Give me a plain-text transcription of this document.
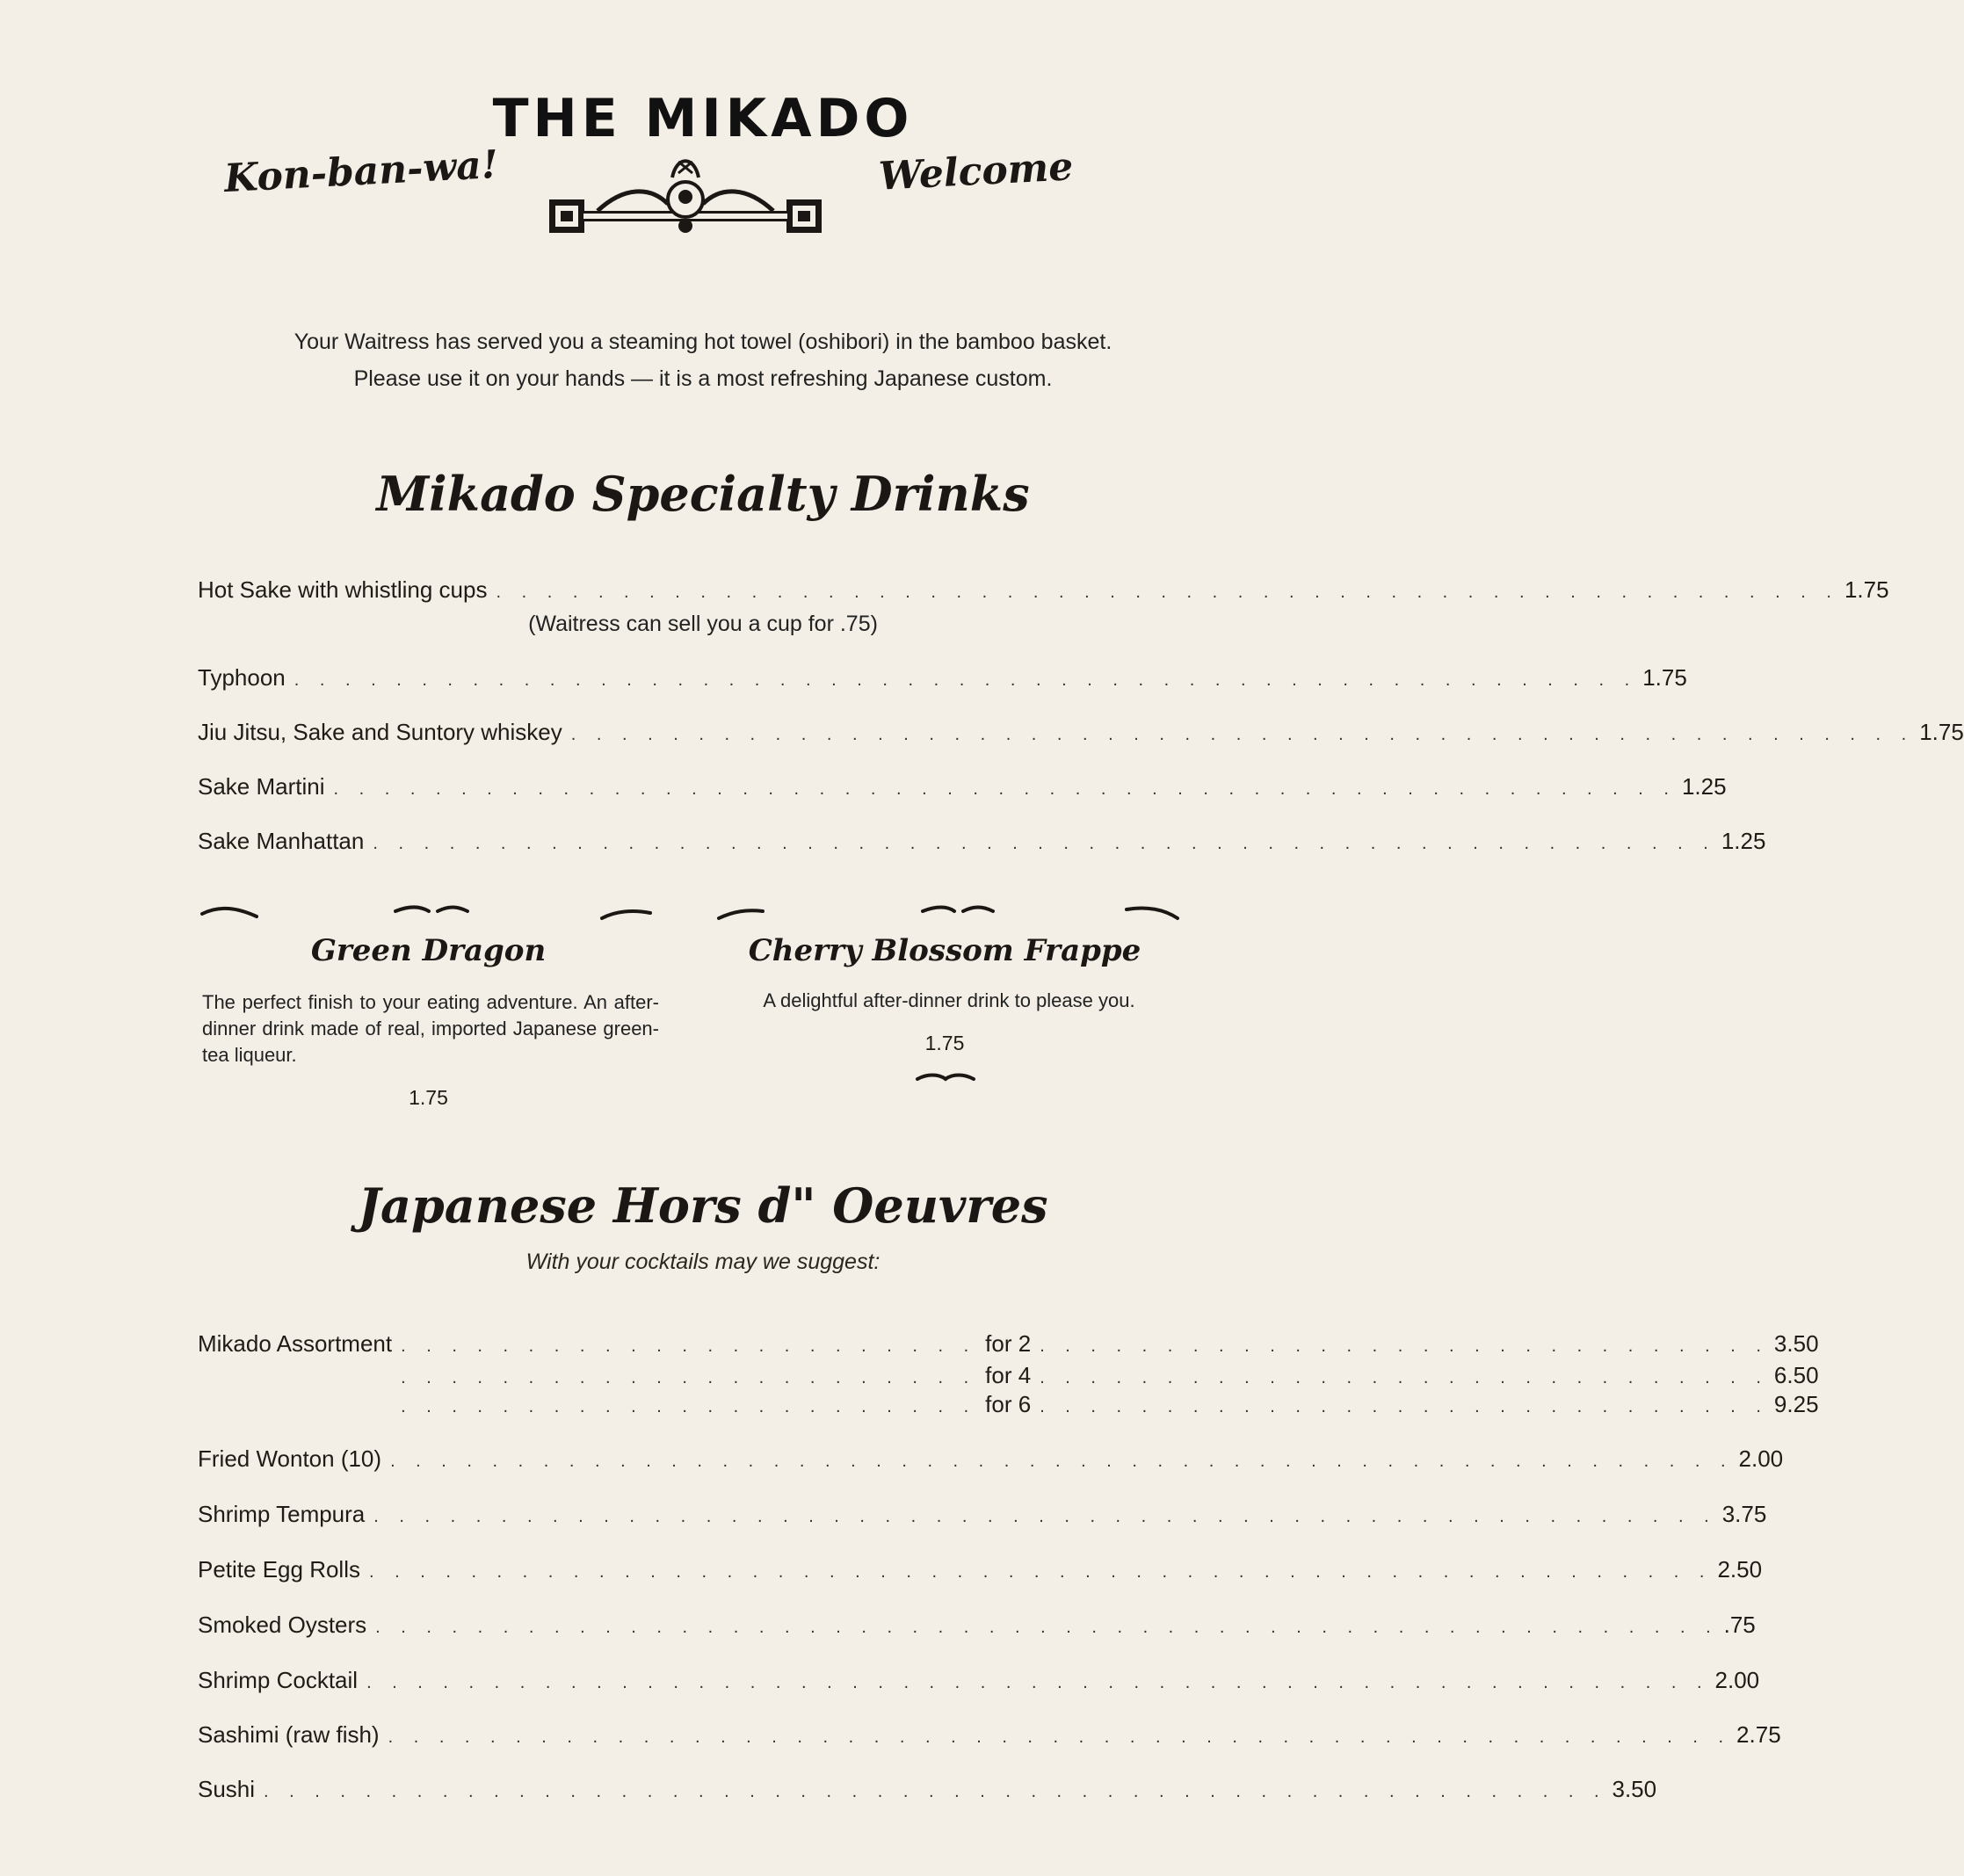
THE MIKADO
Kon-ban-wa!	Welcome
Your Waitress has served you a steaming hot towel (oshibori) in the bamboo basket.
Please use it on your hands — it is a most refreshing Japanese custom.
Mikado Specialty Drinks
Hot Sake with whistling cups . . . . . . . . . . . . . . . . . . . . . . . . . . . . . . . . . . . . . . . . . . . . . . . . . . . . . 1.75
(Waitress can sell you a cup for .75)
Typhoon . . . . . . . . . . . . . . . . . . . . . . . . . . . . . . . . . . . . . . . . . . . . . . . . . . . . . 1.75
Jiu Jitsu, Sake and Suntory whiskey . . . . . . . . . . . . . . . . . . . . . . . . . . . . . . . . . . . . . . . . . . . . . . . . . . . . . 1.75
Sake Martini . . . . . . . . . . . . . . . . . . . . . . . . . . . . . . . . . . . . . . . . . . . . . . . . . . . . . 1.25
Sake Manhattan . . . . . . . . . . . . . . . . . . . . . . . . . . . . . . . . . . . . . . . . . . . . . . . . . . . . . 1.25
Green Dragon
The perfect finish to your eating adventure. An after-dinner drink made of real, imported Japanese green-tea liqueur.
1.75
Cherry Blossom Frappe
A delightful after-dinner drink to please you.
1.75
Japanese Hors d" Oeuvres
With your cocktails may we suggest:
Mikado Assortment . . . . . . . . . . . . . . . . . . . . . . . for 2 . . . . . . . . . . . . . . . . . . . . . . . . . . . . . 3.50
. . . . . . . . . . . . . . . . . . . . . . . for 4 . . . . . . . . . . . . . . . . . . . . . . . . . . . . . 6.50
. . . . . . . . . . . . . . . . . . . . . . . for 6 . . . . . . . . . . . . . . . . . . . . . . . . . . . . . 9.25
Fried Wonton (10) . . . . . . . . . . . . . . . . . . . . . . . . . . . . . . . . . . . . . . . . . . . . . . . . . . . . . 2.00
Shrimp Tempura . . . . . . . . . . . . . . . . . . . . . . . . . . . . . . . . . . . . . . . . . . . . . . . . . . . . . 3.75
Petite Egg Rolls . . . . . . . . . . . . . . . . . . . . . . . . . . . . . . . . . . . . . . . . . . . . . . . . . . . . . 2.50
Smoked Oysters . . . . . . . . . . . . . . . . . . . . . . . . . . . . . . . . . . . . . . . . . . . . . . . . . . . . . .75
Shrimp Cocktail . . . . . . . . . . . . . . . . . . . . . . . . . . . . . . . . . . . . . . . . . . . . . . . . . . . . . 2.00
Sashimi (raw fish) . . . . . . . . . . . . . . . . . . . . . . . . . . . . . . . . . . . . . . . . . . . . . . . . . . . . . 2.75
Sushi . . . . . . . . . . . . . . . . . . . . . . . . . . . . . . . . . . . . . . . . . . . . . . . . . . . . . 3.50
